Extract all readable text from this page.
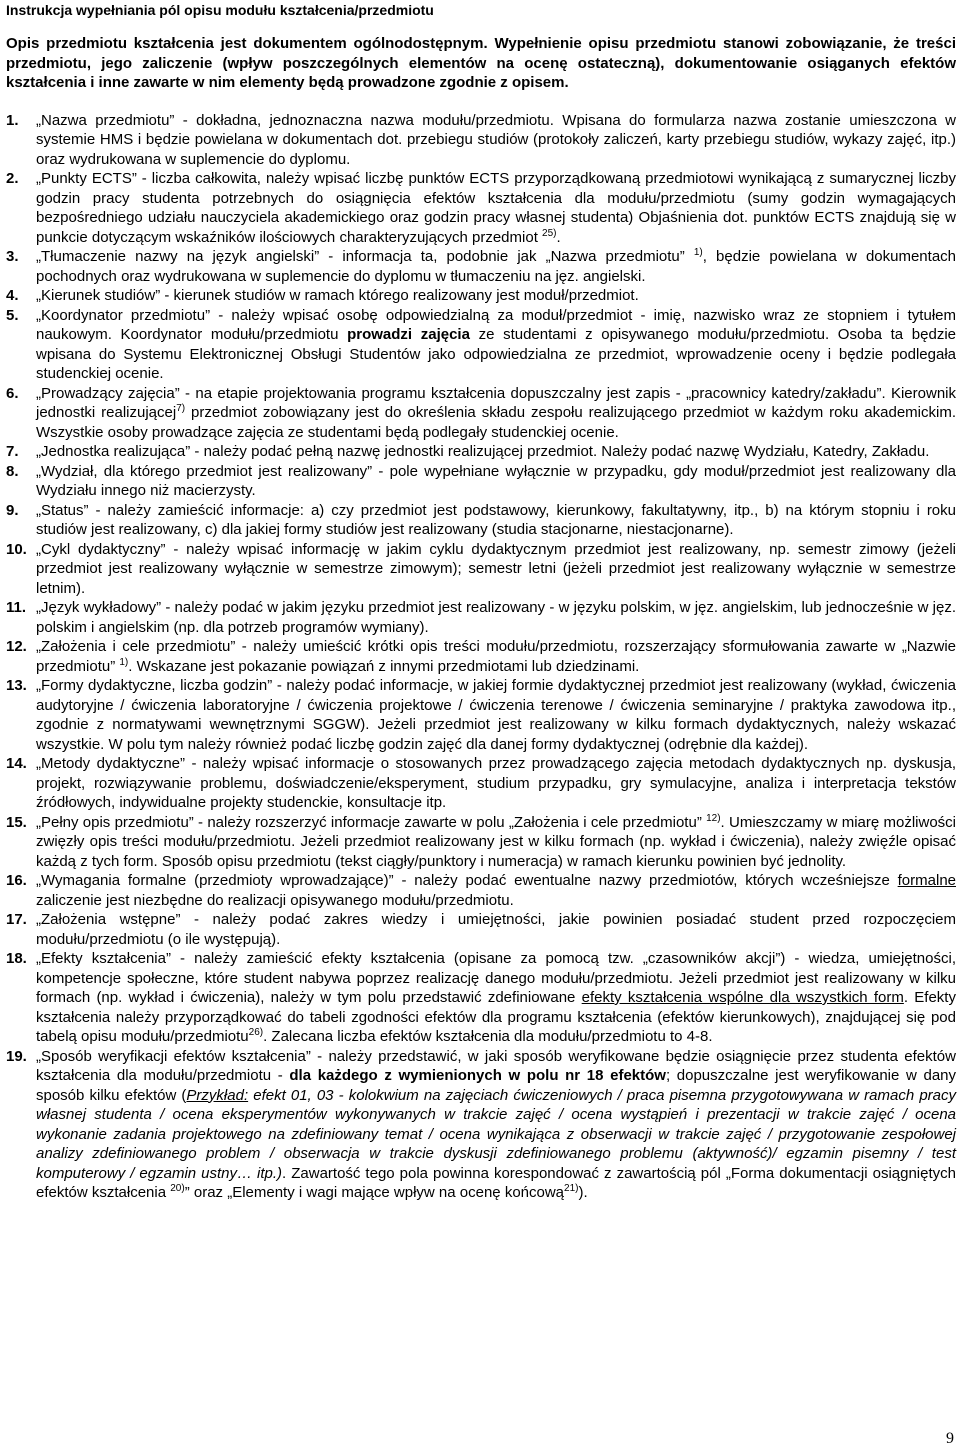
Instrukcja wypełniania pól opisu modułu kształcenia/przedmiotu
Opis przedmiotu kształcenia jest dokumentem ogólnodostępnym. Wypełnienie opisu przedmiotu stanowi zobowiązanie, że treści przedmiotu, jego zaliczenie (wpływ poszczególnych elementów na ocenę ostateczną), dokumentowanie osiąganych efektów kształcenia i inne zawarte w nim elementy będą prowadzone zgodnie z opisem.
1.	„Nazwa przedmiotu” - dokładna, jednoznaczna nazwa modułu/przedmiotu. Wpisana do formularza nazwa zostanie umieszczona w systemie HMS i będzie powielana w dokumentach dot. przebiegu studiów (protokoły zaliczeń, karty przebiegu studiów, wykazy zajęć, itp.) oraz wydrukowana w suplemencie do dyplomu.
2.	„Punkty ECTS” - liczba całkowita, należy wpisać liczbę punktów ECTS przyporządkowaną przedmiotowi wynikającą z sumarycznej liczby godzin pracy studenta potrzebnych do osiągnięcia efektów kształcenia dla modułu/przedmiotu (sumy godzin wymagających bezpośredniego udziału nauczyciela akademickiego oraz godzin pracy własnej studenta) Objaśnienia dot. punktów ECTS znajdują się w punkcie dotyczącym wskaźników ilościowych charakteryzujących przedmiot $^{25)}$.
3.	„Tłumaczenie nazwy na język angielski” - informacja ta, podobnie jak „Nazwa przedmiotu” $^{1)}$, będzie powielana w dokumentach pochodnych oraz wydrukowana w suplemencie do dyplomu w tłumaczeniu na jęz. angielski.
4.	„Kierunek studiów” - kierunek studiów w ramach którego realizowany jest moduł/przedmiot.
5.	„Koordynator przedmiotu” - należy wpisać osobę odpowiedzialną za moduł/przedmiot - imię, nazwisko wraz ze stopniem i tytułem naukowym. Koordynator modułu/przedmiotu prowadzi zajęcia ze studentami z opisywanego modułu/przedmiotu. Osoba ta będzie wpisana do Systemu Elektronicznej Obsługi Studentów jako odpowiedzialna ze przedmiot, wprowadzenie oceny i będzie podlegała studenckiej ocenie.
6.	„Prowadzący zajęcia” - na etapie projektowania programu kształcenia dopuszczalny jest zapis - „pracownicy katedry/zakładu”. Kierownik jednostki realizującej$^{7)}$ przedmiot zobowiązany jest do określenia składu zespołu realizującego przedmiot w każdym roku akademickim. Wszystkie osoby prowadzące zajęcia ze studentami będą podlegały studenckiej ocenie.
7.	„Jednostka realizująca” - należy podać pełną nazwę jednostki realizującej przedmiot. Należy podać nazwę Wydziału, Katedry, Zakładu.
8.	„Wydział, dla którego przedmiot jest realizowany” - pole wypełniane wyłącznie w przypadku, gdy moduł/przedmiot jest realizowany dla Wydziału innego niż macierzysty.
9.	„Status” - należy zamieścić informacje: a) czy przedmiot jest podstawowy, kierunkowy, fakultatywny, itp., b) na którym stopniu i roku studiów jest realizowany, c) dla jakiej formy studiów jest realizowany (studia stacjonarne, niestacjonarne).
10. „Cykl dydaktyczny” - należy wpisać informację w jakim cyklu dydaktycznym przedmiot jest realizowany, np. semestr zimowy (jeżeli przedmiot jest realizowany wyłącznie w semestrze zimowym); semestr letni (jeżeli przedmiot jest realizowany wyłącznie w semestrze letnim).
11. „Język wykładowy” - należy podać w jakim języku przedmiot jest realizowany - w języku polskim, w jęz. angielskim, lub jednocześnie w jęz. polskim i angielskim (np. dla potrzeb programów wymiany).
12. „Założenia i cele przedmiotu” - należy umieścić krótki opis treści modułu/przedmiotu, rozszerzający sformułowania zawarte w „Nazwie przedmiotu” $^{1)}$. Wskazane jest pokazanie powiązań z innymi przedmiotami lub dziedzinami.
13. „Formy dydaktyczne, liczba godzin” - należy podać informacje, w jakiej formie dydaktycznej przedmiot jest realizowany (wykład, ćwiczenia audytoryjne / ćwiczenia laboratoryjne / ćwiczenia projektowe / ćwiczenia terenowe / ćwiczenia seminaryjne / praktyka zawodowa itp., zgodnie z normatywami wewnętrznymi SGGW). Jeżeli przedmiot jest realizowany w kilku formach dydaktycznych, należy wskazać wszystkie. W polu tym należy również podać liczbę godzin zajęć dla danej formy dydaktycznej (odrębnie dla każdej).
14. „Metody dydaktyczne” - należy wpisać informacje o stosowanych przez prowadzącego zajęcia metodach dydaktycznych np. dyskusja, projekt, rozwiązywanie problemu, doświadczenie/eksperyment, studium przypadku, gry symulacyjne, analiza i interpretacja tekstów źródłowych, indywidualne projekty studenckie, konsultacje itp.
15. „Pełny opis przedmiotu” - należy rozszerzyć informacje zawarte w polu „Założenia i cele przedmiotu” $^{12)}$. Umieszczamy w miarę możliwości zwięzły opis treści modułu/przedmiotu. Jeżeli przedmiot realizowany jest w kilku formach (np. wykład i ćwiczenia), należy zwięźle opisać każdą z tych form. Sposób opisu przedmiotu (tekst ciągły/punktory i numeracja) w ramach kierunku powinien być jednolity.
16. „Wymagania formalne (przedmioty wprowadzające)” - należy podać ewentualne nazwy przedmiotów, których wcześniejsze formalne zaliczenie jest niezbędne do realizacji opisywanego modułu/przedmiotu.
17. „Założenia wstępne” - należy podać zakres wiedzy i umiejętności, jakie powinien posiadać student przed rozpoczęciem modułu/przedmiotu (o ile występują).
18. „Efekty kształcenia” - należy zamieścić efekty kształcenia (opisane za pomocą tzw. „czasowników akcji”) - wiedza, umiejętności, kompetencje społeczne, które student nabywa poprzez realizację danego modułu/przedmiotu. Jeżeli przedmiot jest realizowany w kilku formach (np. wykład i ćwiczenia), należy w tym polu przedstawić zdefiniowane efekty kształcenia wspólne dla wszystkich form. Efekty kształcenia należy przyporządkować do tabeli zgodności efektów dla programu kształcenia (efektów kierunkowych), znajdującej się pod tabelą opisu modułu/przedmiotu$^{26)}$. Zalecana liczba efektów kształcenia dla modułu/przedmiotu to 4-8.
19. „Sposób weryfikacji efektów kształcenia” - należy przedstawić, w jaki sposób weryfikowane będzie osiągnięcie przez studenta efektów kształcenia dla modułu/przedmiotu - dla każdego z wymienionych w polu nr 18 efektów; dopuszczalne jest weryfikowanie w dany sposób kilku efektów (Przykład: efekt 01, 03 - kolokwium na zajęciach ćwiczeniowych / praca pisemna przygotowywana w ramach pracy własnej studenta / ocena eksperymentów wykonywanych w trakcie zajęć / ocena wystąpień i prezentacji w trakcie zajęć / ocena wykonanie zadania projektowego na zdefiniowany temat / ocena wynikająca z obserwacji w trakcie zajęć / przygotowanie zespołowej analizy zdefiniowanego problem / obserwacja w trakcie dyskusji zdefiniowanego problemu (aktywność)/ egzamin pisemny / test komputerowy / egzamin ustny… itp.). Zawartość tego pola powinna korespondować z zawartością pól „Forma dokumentacji osiągniętych efektów kształcenia $^{20)}$” oraz „Elementy i wagi mające wpływ na ocenę końcową$^{21)}$).
9
